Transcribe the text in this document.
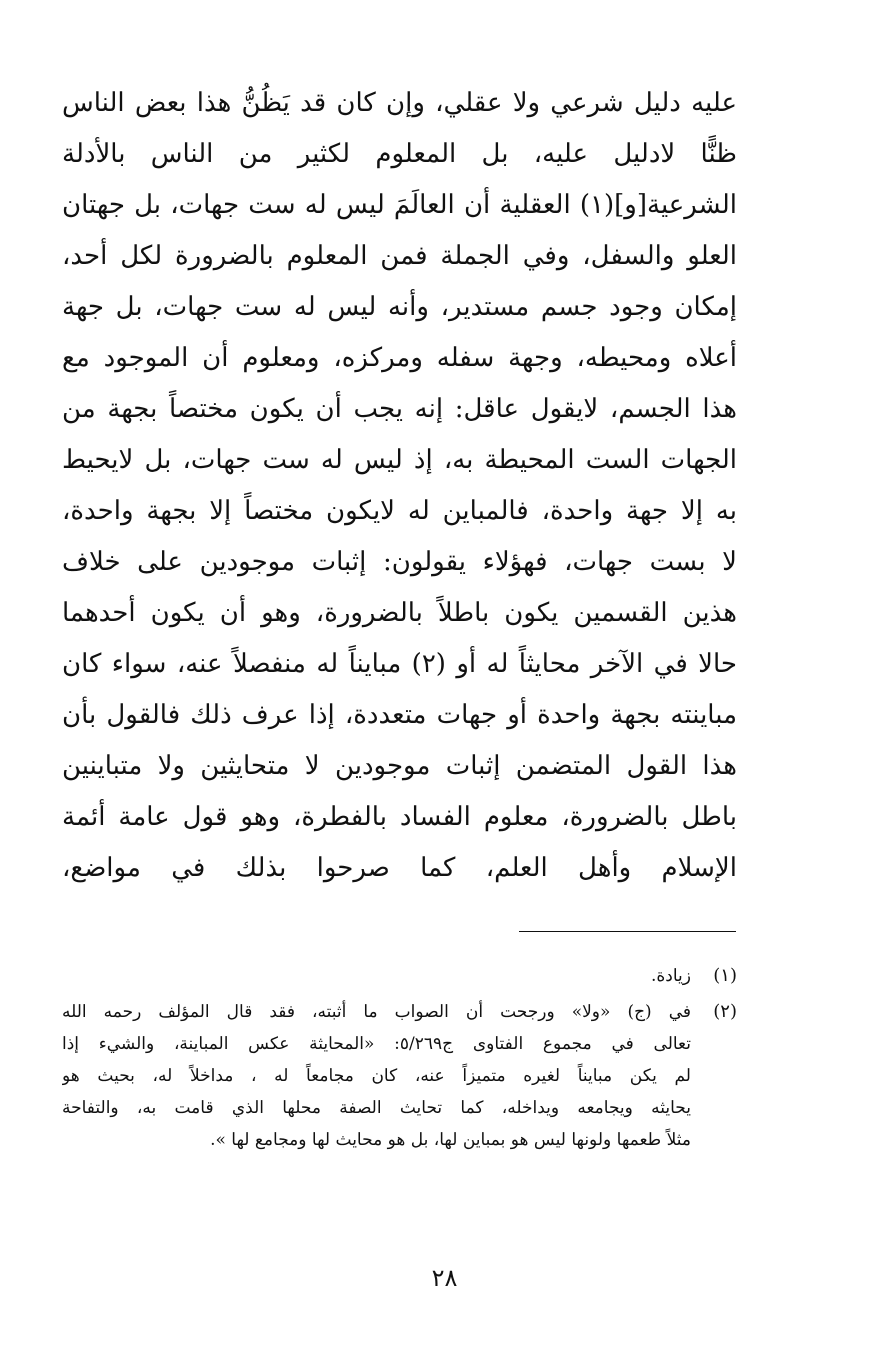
عليه دليل شرعي ولا عقلي، وإن كان قد يَظُنُّ هذا بعض الناس
ظنًّا لادليل عليه، بل المعلوم لكثير من الناس بالأدلة
الشرعية[و](١) العقلية أن العالَمَ ليس له ست جهات، بل جهتان
العلو والسفل، وفي الجملة فمن المعلوم بالضرورة لكل أحد،
إمكان وجود جسم مستدير، وأنه ليس له ست جهات، بل جهة
أعلاه ومحيطه، وجهة سفله ومركزه، ومعلوم أن الموجود مع
هذا الجسم، لايقول عاقل: إنه يجب أن يكون مختصاً بجهة من
الجهات الست المحيطة به، إذ ليس له ست جهات، بل لايحيط
به إلا جهة واحدة، فالمباين له لايكون مختصاً إلا بجهة واحدة،
لا بست جهات، فهؤلاء يقولون: إثبات موجودين على خلاف
هذين القسمين يكون باطلاً بالضرورة، وهو أن يكون أحدهما
حالا في الآخر محايثاً له أو (٢) مبايناً له منفصلاً عنه، سواء كان
مباينته بجهة واحدة أو جهات متعددة، إذا عرف ذلك فالقول بأن
هذا القول المتضمن إثبات موجودين لا متحايثين ولا متباينين
باطل بالضرورة، معلوم الفساد بالفطرة، وهو قول عامة أئمة
الإسلام وأهل العلم، كما صرحوا بذلك في مواضع،
(١)
زيادة.
(٢)
في (ج) «ولا» ورجحت أن الصواب ما أثبته، فقد قال المؤلف رحمه الله
تعالى في مجموع الفتاوى ج٥/٢٦٩: «المحايثة عكس المباينة، والشيء إذا
لم يكن مبايناً لغيره متميزاً عنه، كان مجامعاً له ، مداخلاً له، بحيث هو
يحايثه ويجامعه ويداخله، كما تحايث الصفة محلها الذي قامت به، والتفاحة
مثلاً طعمها ولونها ليس هو بمباين لها، بل هو محايث لها ومجامع لها ».
٢٨
